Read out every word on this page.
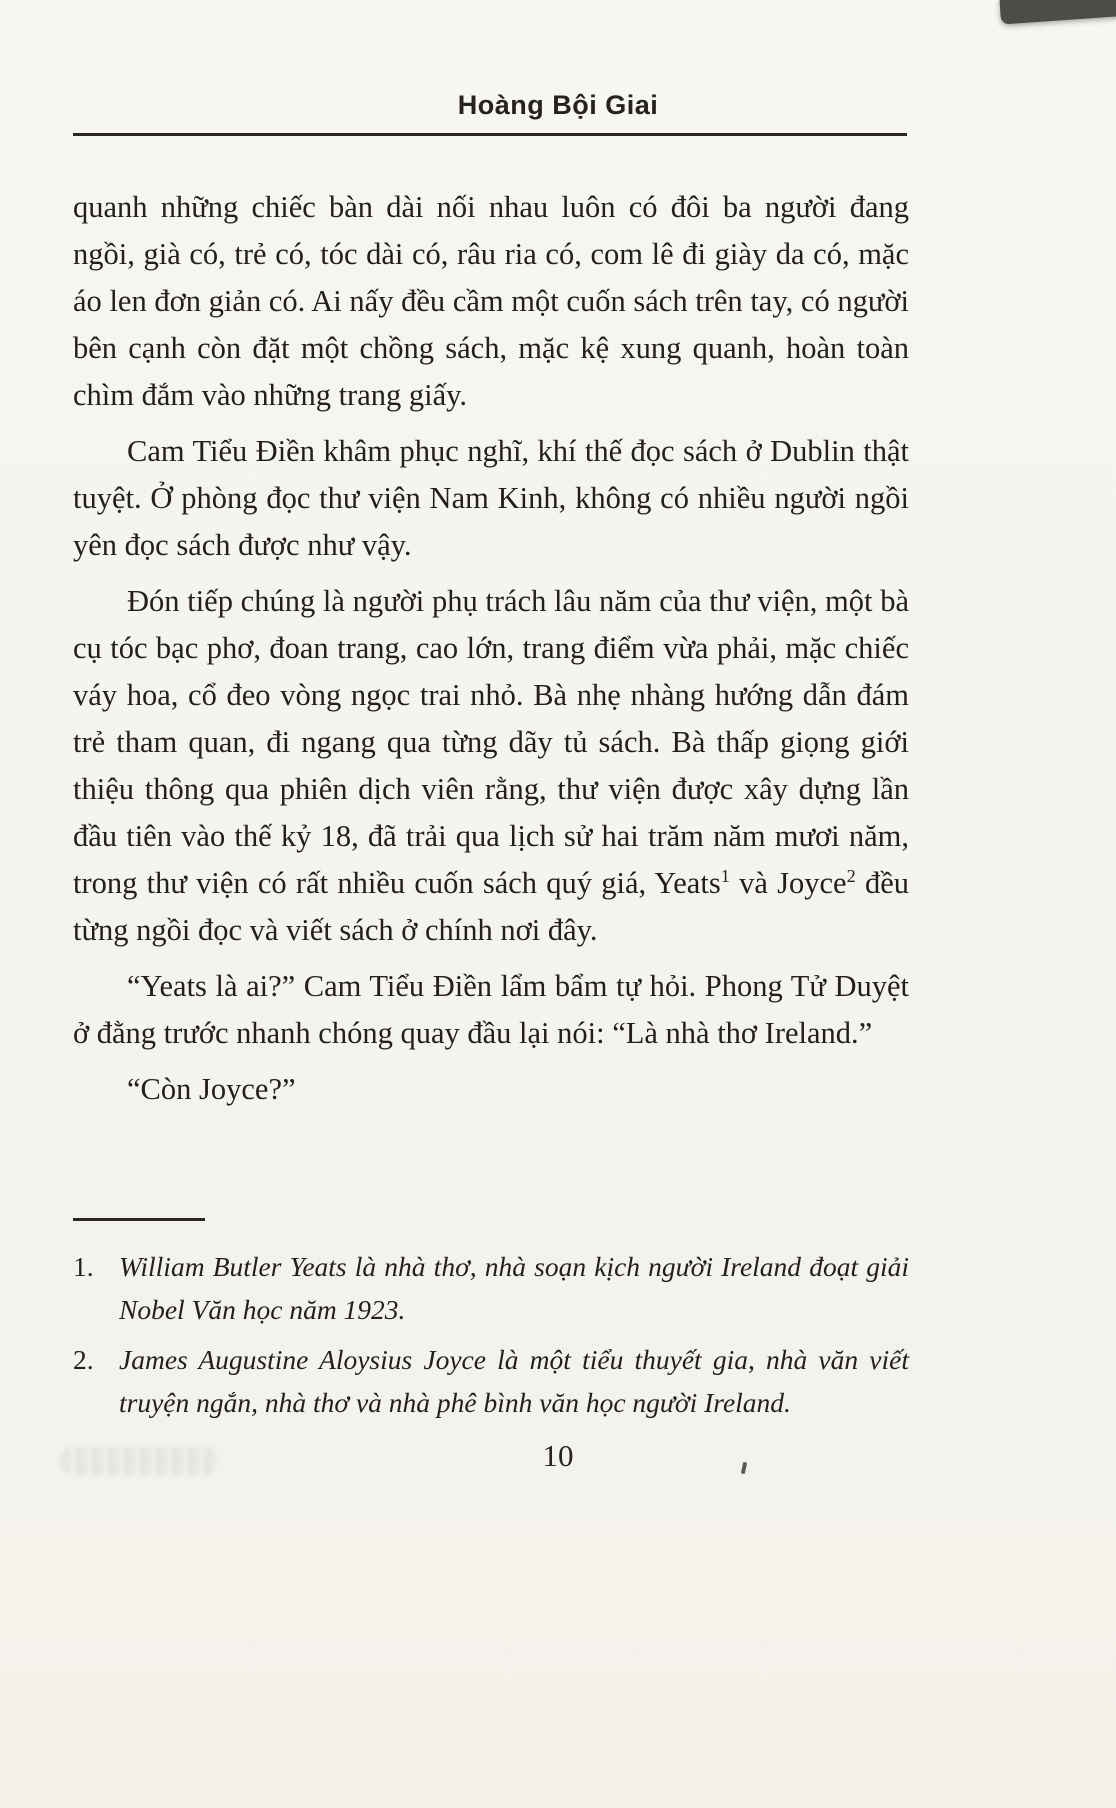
Hoàng Bội Giai

quanh những chiếc bàn dài nối nhau luôn có đôi ba người đang ngồi, già có, trẻ có, tóc dài có, râu ria có, com lê đi giày da có, mặc áo len đơn giản có. Ai nấy đều cầm một cuốn sách trên tay, có người bên cạnh còn đặt một chồng sách, mặc kệ xung quanh, hoàn toàn chìm đắm vào những trang giấy.

Cam Tiểu Điền khâm phục nghĩ, khí thế đọc sách ở Dublin thật tuyệt. Ở phòng đọc thư viện Nam Kinh, không có nhiều người ngồi yên đọc sách được như vậy.

Đón tiếp chúng là người phụ trách lâu năm của thư viện, một bà cụ tóc bạc phơ, đoan trang, cao lớn, trang điểm vừa phải, mặc chiếc váy hoa, cổ đeo vòng ngọc trai nhỏ. Bà nhẹ nhàng hướng dẫn đám trẻ tham quan, đi ngang qua từng dãy tủ sách. Bà thấp giọng giới thiệu thông qua phiên dịch viên rằng, thư viện được xây dựng lần đầu tiên vào thế kỷ 18, đã trải qua lịch sử hai trăm năm mươi năm, trong thư viện có rất nhiều cuốn sách quý giá, Yeats$^1$ và Joyce$^2$ đều từng ngồi đọc và viết sách ở chính nơi đây.

“Yeats là ai?” Cam Tiểu Điền lẩm bẩm tự hỏi. Phong Tử Duyệt ở đằng trước nhanh chóng quay đầu lại nói: “Là nhà thơ Ireland.”

“Còn Joyce?”

1. William Butler Yeats là nhà thơ, nhà soạn kịch người Ireland đoạt giải Nobel Văn học năm 1923.
2. James Augustine Aloysius Joyce là một tiểu thuyết gia, nhà văn viết truyện ngắn, nhà thơ và nhà phê bình văn học người Ireland.
10
